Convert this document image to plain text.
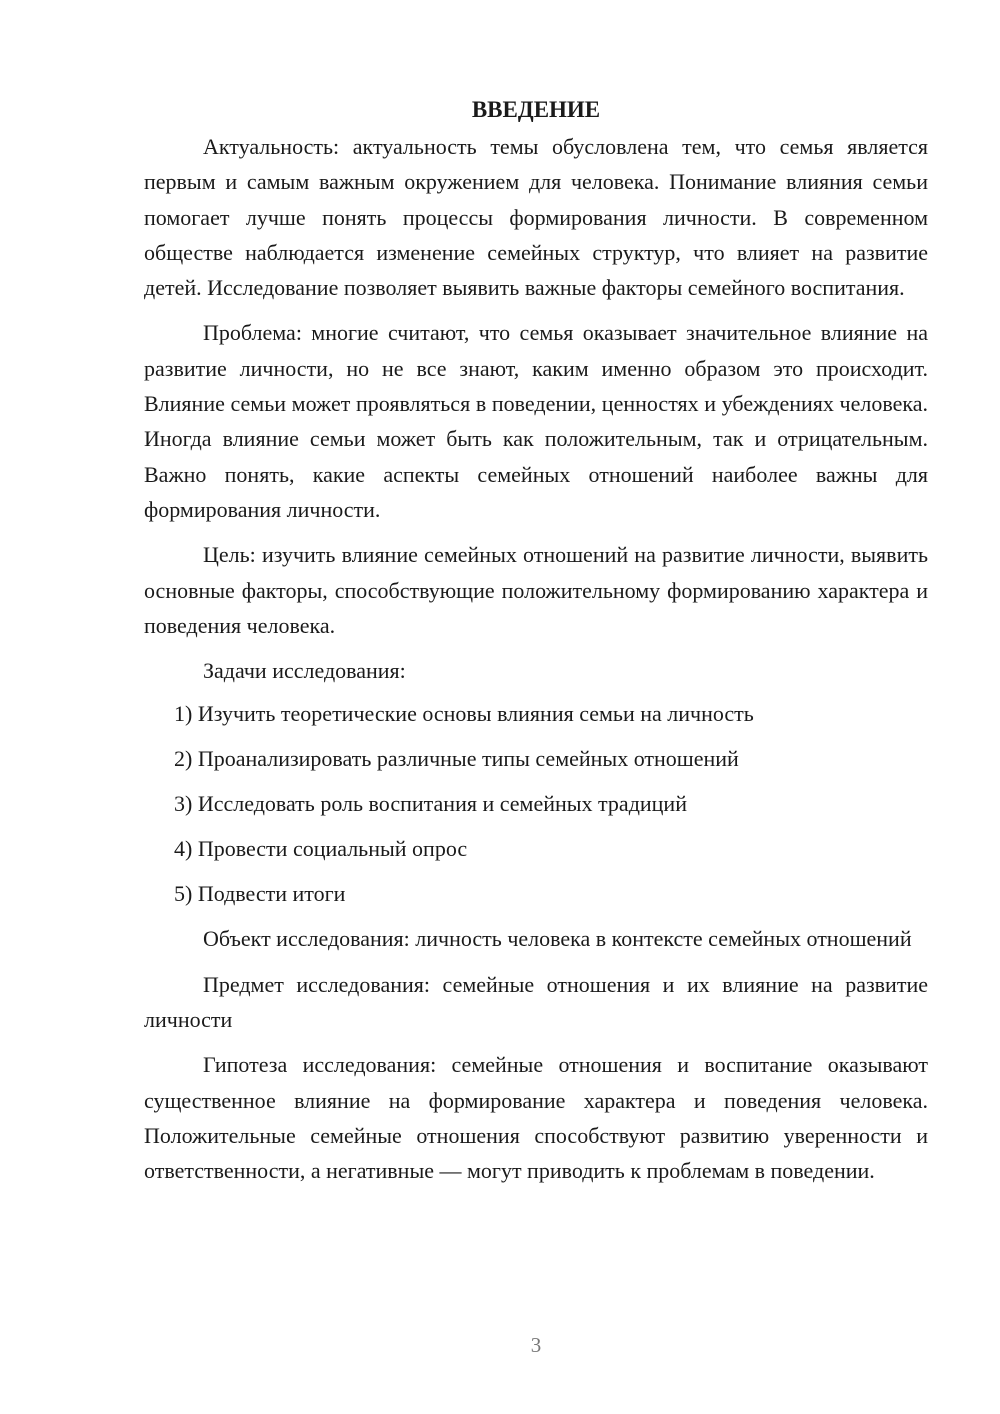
ВВЕДЕНИЕ

Актуальность: актуальность темы обусловлена тем, что семья является первым и самым важным окружением для человека. Понимание влияния семьи помогает лучше понять процессы формирования личности. В современном обществе наблюдается изменение семейных структур, что влияет на развитие детей. Исследование позволяет выявить важные факторы семейного воспитания.

Проблема: многие считают, что семья оказывает значительное влияние на развитие личности, но не все знают, каким именно образом это происходит. Влияние семьи может проявляться в поведении, ценностях и убеждениях человека. Иногда влияние семьи может быть как положительным, так и отрицательным. Важно понять, какие аспекты семейных отношений наиболее важны для формирования личности.

Цель: изучить влияние семейных отношений на развитие личности, выявить основные факторы, способствующие положительному формированию характера и поведения человека.

Задачи исследования:

1) Изучить теоретические основы влияния семьи на личность
2) Проанализировать различные типы семейных отношений
3) Исследовать роль воспитания и семейных традиций
4) Провести социальный опрос
5) Подвести итоги

Объект исследования: личность человека в контексте семейных отношений

Предмет исследования: семейные отношения и их влияние на развитие личности

Гипотеза исследования: семейные отношения и воспитание оказывают существенное влияние на формирование характера и поведения человека. Положительные семейные отношения способствуют развитию уверенности и ответственности, а негативные — могут приводить к проблемам в поведении.

3
